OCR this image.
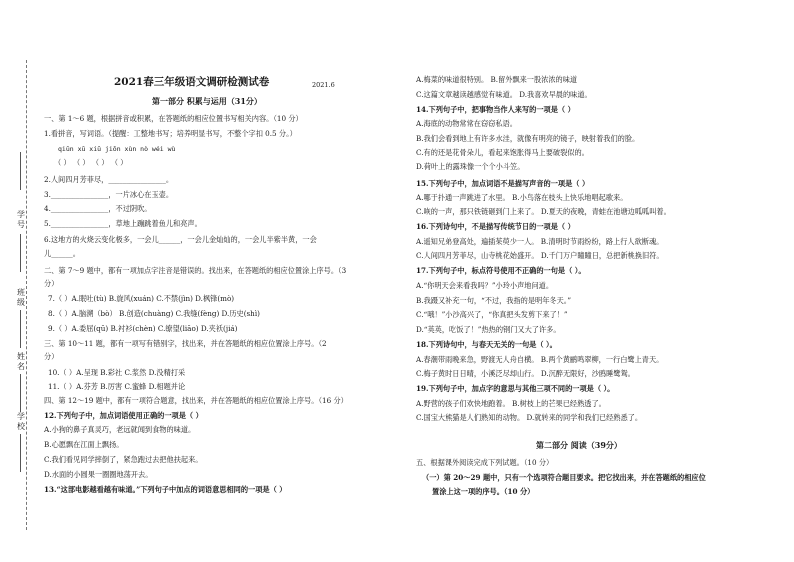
学号
班级
姓名
学校
2021春三年级语文调研检测试卷	2021.6
第一部分 积累与运用（31分）
一、第 1～6 题，根据拼音或积累，在答题纸的相应位置书写相关内容。（10 分）
1.看拼音，写词语。（提醒：工整地书写；培养明显书写，不整个字扣 0.5 分。）
qiūn xū xiū jiōn xùn nò wéi wù
（ ） （ ） （ ） （ ）
2.人间四月芳菲尽，________________。
3.________________，一片冰心在玉壶。
4.________________，不过阴吹。
5.________________，草地上蹦跳着鱼儿和亮声。
6.这地方的火烧云变化极多，一会儿______，一会儿金灿灿的，一会儿半紫半黄，一会
儿______。
二、第 7～9 题中，都有一项加点字注音是错误的。找出来，在答题纸的相应位置涂上序号。（3
分）
7.（ ）A.眠吐(tù) B.旋风(xuán) C.不禁(jìn) D.枫锋(mò)
8.（ ）A.脑溯（bò） B.创造(chuàng) C.我缝(fèng) D.历史(shì)
9.（ ）A.委屈(qū) B.衬衫(chèn) C.缭望(liāo) D.夹袄(jiá)
三、第 10～11 题，都有一项写有错别字，找出来，并在答题纸的相应位置涂上序号。（2
分）
10.（ ）A.呈现 B.彩社 C.浆然 D.没精打采
11.（ ）A.芬芳 B.厉害 C.蜜蜂 D.相题并论
四、第 12～19 题中，都有一项符合题意，找出来，并在答题纸的相应位置涂上序号。（16 分）
12.下列句子中，加点词语使用正确的一项是（ ）
A.小狗的鼻子真灵巧，老远就闻到食物的味道。
B.心愿飘在江面上飘扬。
C.我们看见同学摔倒了，紧急跑过去把他扶起来。
D.水面的小圆果一圈圈地荡开去。
13.“这部电影越看越有味道。”下列句子中加点的词语意思相同的一项是（ ）
A.梅菜的味道很特别。 B.留外飘来一股浓浓的味道
C.这篇文章越读越感觉有味道。 D.我喜欢早晨的味道。
14.下列句子中，把事物当作人来写的一项是（ ）
A.海底的动物常常在窃窃私语。
B.我们会看到地上有许多水洼，就像有明亮的镜子，映射着我们的脸。
C.有的还是花骨朵儿，看起来饱胀得马上要破裂似的。
D.荷叶上的露珠像一个个小斗笠。
15.下列句子中，加点词语不是描写声音的一项是（ ）
A.哪于扑通一声跳进了水里。 B.小鸟落在枝头上快乐地唱起歌来。
C.咴的一声，那只铁链砸到门上来了。 D.夏天的夜晚，青蛙在池塘边呱呱叫着。
16.下列诗句中，不是描写传统节日的一项是（ ）
A.遥知兄弟登高处，遍插茱萸少一人。 B.清明时节雨纷纷，路上行人欲断魂。
C.人间四月芳菲尽，山寺桃花始盛开。 D.千门万户瞳瞳日，总把新桃换旧符。
17.下列句子中，标点符号使用不正确的一句是（ ）。
A.“你明天会来看我吗？”小玲小声地问道。
B.我蹑又补充一句，“不过，我指的是明年冬天。”
C.“哦！”小沙高兴了，“你真把头发剪下来了！”
D.“英英，吃饭了！”热热的钢门又大了许多。
18.下列诗句中，与春天无关的一句是（ ）。
A.春潮带雨晚来急，野渡无人舟自横。 B.两个黄鹂鸣翠柳，一行白鹭上青天。
C.梅子黄时日日晴，小溪泛尽却山行。 D.沉醉无限好，沙鸥睡鹭鸳。
19.下列句子中，加点字的意思与其他三项不同的一项是（ ）。
A.野营的孩子们欢快地跑着。 B.树枝上的芒果已经熟透了。
C.国宝大熊猫是人们熟知的动物。 D.就转来的同学和我们已经熟悉了。
第二部分 阅读（39分）
五、根据课外阅读完成下列试题。（10 分）
（一）第 20～29 题中，只有一个选项符合题目要求。把它找出来，并在答题纸的相应位
置涂上这一项的序号。（10 分）
